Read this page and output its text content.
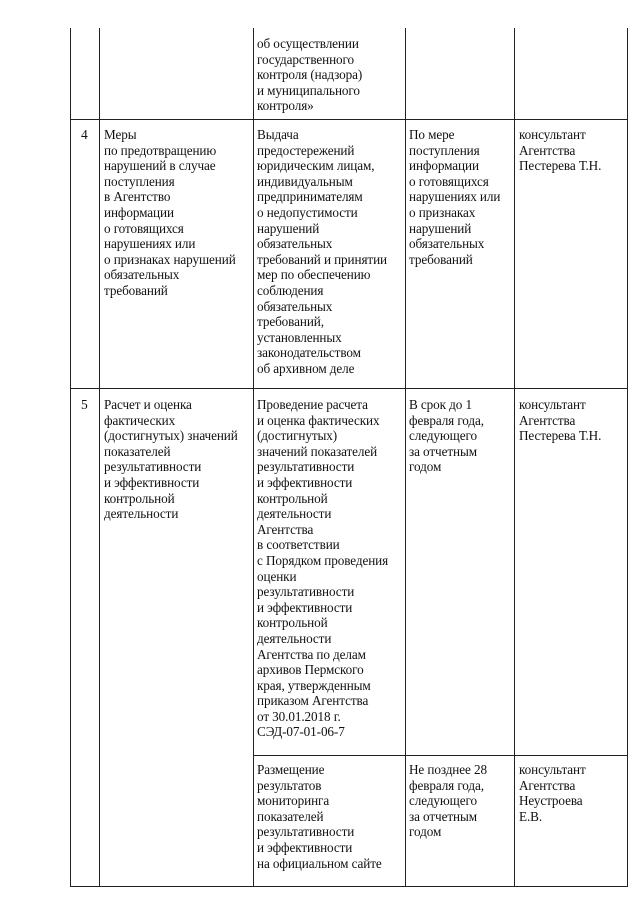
об осуществлении
государственного
контроля (надзора)
и муниципального
контроля»
4	Меры
по предотвращению
нарушений в случае
поступления
в Агентство
информации
о готовящихся
нарушениях или
о признаках нарушений
обязательных
требований
Выдача
предостережений
юридическим лицам,
индивидуальным
предпринимателям
о недопустимости
нарушений
обязательных
требований и принятии
мер по обеспечению
соблюдения
обязательных
требований,
установленных
законодательством
об архивном деле
По мере
поступления
информации
о готовящихся
нарушениях или
о признаках
нарушений
обязательных
требований
консультант
Агентства
Пестерева Т.Н.
5	Расчет и оценка
фактических
(достигнутых) значений
показателей
результативности
и эффективности
контрольной
деятельности
Проведение расчета
и оценка фактических
(достигнутых)
значений показателей
результативности
и эффективности
контрольной
деятельности
Агентства
в соответствии
с Порядком проведения
оценки
результативности
и эффективности
контрольной
деятельности
Агентства по делам
архивов Пермского
края, утвержденным
приказом Агентства
от 30.01.2018 г.
СЭД-07-01-06-7
В срок до 1
февраля года,
следующего
за отчетным
годом
консультант
Агентства
Пестерева Т.Н.
Размещение
результатов
мониторинга
показателей
результативности
и эффективности
на официальном сайте
Не позднее 28
февраля года,
следующего
за отчетным
годом
консультант
Агентства
Неустроева
Е.В.
